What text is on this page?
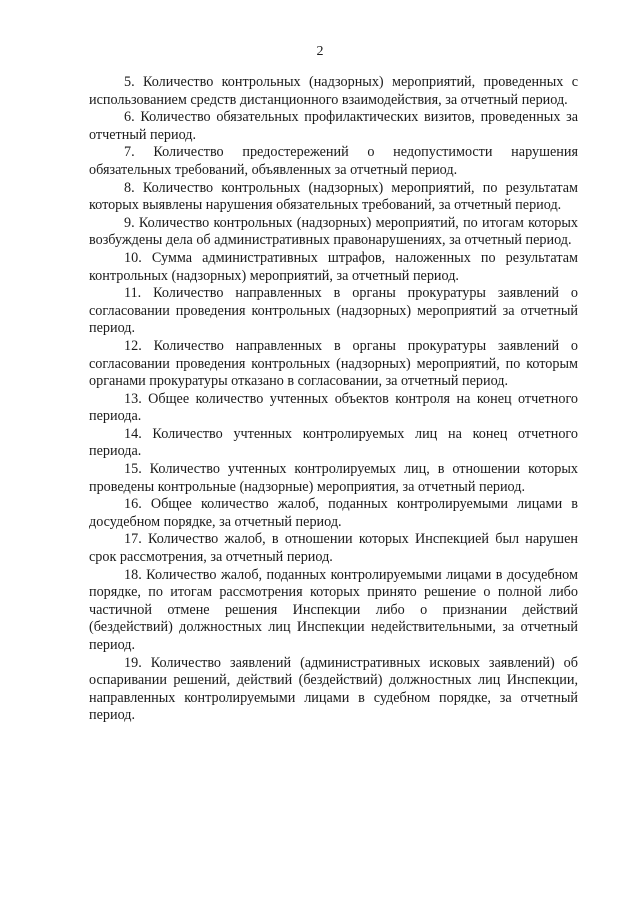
2

5. Количество контрольных (надзорных) мероприятий, проведенных с использованием средств дистанционного взаимодействия, за отчетный период.

6. Количество обязательных профилактических визитов, проведенных за отчетный период.

7. Количество предостережений о недопустимости нарушения обязательных требований, объявленных за отчетный период.

8. Количество контрольных (надзорных) мероприятий, по результатам которых выявлены нарушения обязательных требований, за отчетный период.

9. Количество контрольных (надзорных) мероприятий, по итогам которых возбуждены дела об административных правонарушениях, за отчетный период.

10. Сумма административных штрафов, наложенных по результатам контрольных (надзорных) мероприятий, за отчетный период.

11. Количество направленных в органы прокуратуры заявлений о согласовании проведения контрольных (надзорных) мероприятий за отчетный период.

12. Количество направленных в органы прокуратуры заявлений о согласовании проведения контрольных (надзорных) мероприятий, по которым органами прокуратуры отказано в согласовании, за отчетный период.

13. Общее количество учтенных объектов контроля на конец отчетного периода.

14. Количество учтенных контролируемых лиц на конец отчетного периода.

15. Количество учтенных контролируемых лиц, в отношении которых проведены контрольные (надзорные) мероприятия, за отчетный период.

16. Общее количество жалоб, поданных контролируемыми лицами в досудебном порядке, за отчетный период.

17. Количество жалоб, в отношении которых Инспекцией был нарушен срок рассмотрения, за отчетный период.

18. Количество жалоб, поданных контролируемыми лицами в досудебном порядке, по итогам рассмотрения которых принято решение о полной либо частичной отмене решения Инспекции либо о признании действий (бездействий) должностных лиц Инспекции недействительными, за отчетный период.

19. Количество заявлений (административных исковых заявлений) об оспаривании решений, действий (бездействий) должностных лиц Инспекции, направленных контролируемыми лицами в судебном порядке, за отчетный период.
